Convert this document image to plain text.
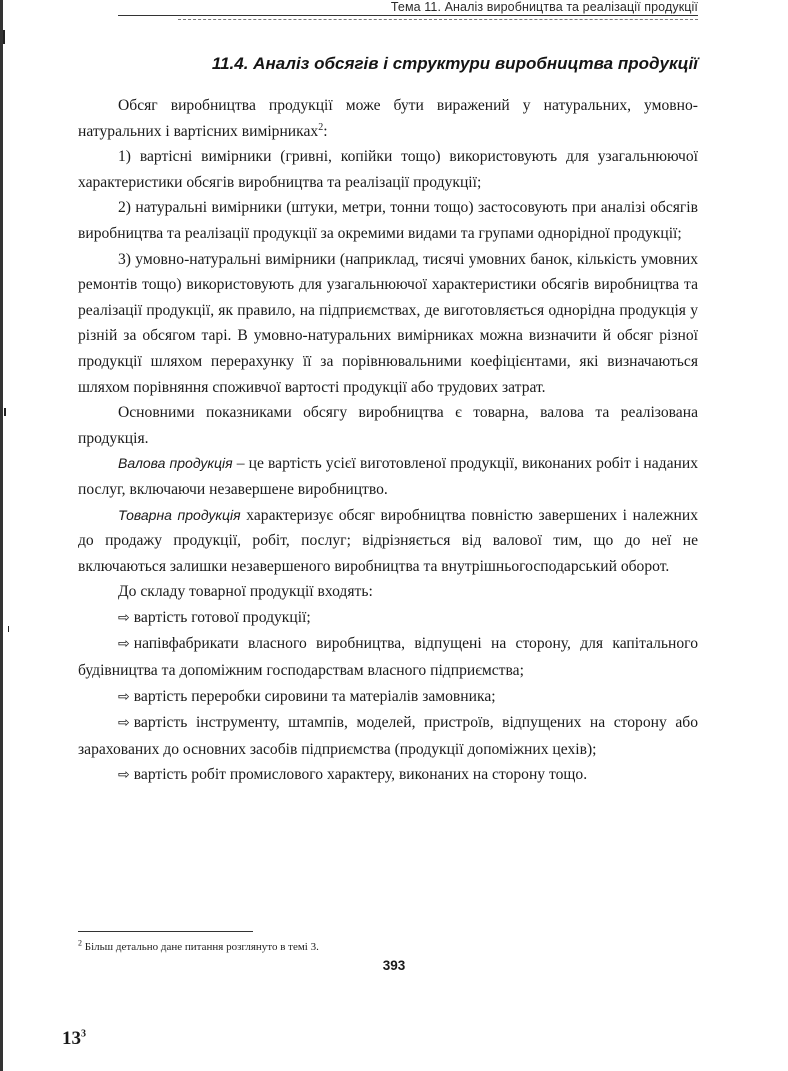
Тема 11. Аналіз виробництва та реалізації продукції
11.4. Аналіз обсягів і структури виробництва продукції

Обсяг виробництва продукції може бути виражений у натуральних, умовно-натуральних і вартісних вимірниках$^2$:

1) вартісні вимірники (гривні, копійки тощо) використовують для узагальнюючої характеристики обсягів виробництва та реалізації продукції;

2) натуральні вимірники (штуки, метри, тонни тощо) застосовують при аналізі обсягів виробництва та реалізації продукції за окремими видами та групами однорідної продукції;

3) умовно-натуральні вимірники (наприклад, тисячі умовних банок, кількість умовних ремонтів тощо) використовують для узагальнюючої характеристики обсягів виробництва та реалізації продукції, як правило, на підприємствах, де виготовляється однорідна продукція у різній за обсягом тарі. В умовно-натуральних вимірниках можна визначити й обсяг різної продукції шляхом перерахунку її за порівнювальними коефіцієнтами, які визначаються шляхом порівняння споживчої вартості продукції або трудових затрат.

Основними показниками обсягу виробництва є товарна, валова та реалізована продукція.

Валова продукція – це вартість усієї виготовленої продукції, виконаних робіт і наданих послуг, включаючи незавершене виробництво.

Товарна продукція характеризує обсяг виробництва повністю завершених і належних до продажу продукції, робіт, послуг; відрізняється від валової тим, що до неї не включаються залишки незавершеного виробництва та внутрішньогосподарський оборот.

До складу товарної продукції входять:

⇨ вартість готової продукції;

⇨ напівфабрикати власного виробництва, відпущені на сторону, для капітального будівництва та допоміжним господарствам власного підприємства;

⇨ вартість переробки сировини та матеріалів замовника;

⇨ вартість інструменту, штампів, моделей, пристроїв, відпущених на сторону або зарахованих до основних засобів підприємства (продукції допоміжних цехів);

⇨ вартість робіт промислового характеру, виконаних на сторону тощо.

$^2$ Більш детально дане питання розглянуто в темі 3.
393
$13^3$
